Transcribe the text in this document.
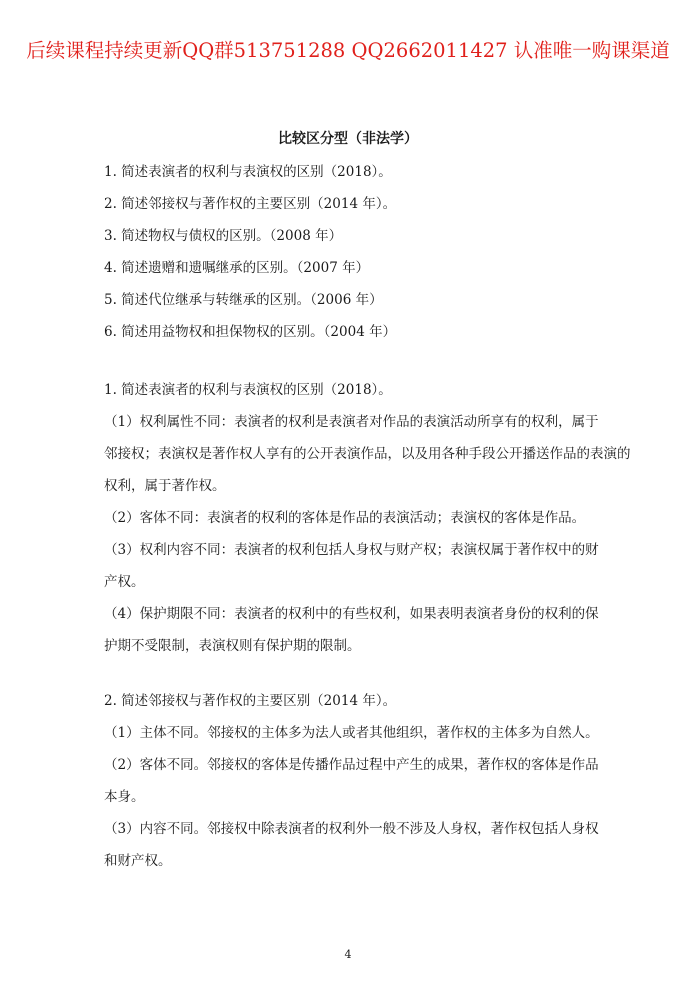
后续课程持续更新QQ群513751288 QQ2662011427 认准唯一购课渠道
比较区分型（非法学）
1. 简述表演者的权利与表演权的区别（2018）。
2. 简述邻接权与著作权的主要区别（2014 年）。
3. 简述物权与债权的区别。（2008 年）
4. 简述遗赠和遗嘱继承的区别。（2007 年）
5. 简述代位继承与转继承的区别。（2006 年）
6. 简述用益物权和担保物权的区别。（2004 年）
1. 简述表演者的权利与表演权的区别（2018）。
（1）权利属性不同：表演者的权利是表演者对作品的表演活动所享有的权利，属于
邻接权；表演权是著作权人享有的公开表演作品，以及用各种手段公开播送作品的表演的
权利，属于著作权。
（2）客体不同：表演者的权利的客体是作品的表演活动；表演权的客体是作品。
（3）权利内容不同：表演者的权利包括人身权与财产权；表演权属于著作权中的财
产权。
（4）保护期限不同：表演者的权利中的有些权利，如果表明表演者身份的权利的保
护期不受限制，表演权则有保护期的限制。
2. 简述邻接权与著作权的主要区别（2014 年）。
（1）主体不同。邻接权的主体多为法人或者其他组织，著作权的主体多为自然人。
（2）客体不同。邻接权的客体是传播作品过程中产生的成果，著作权的客体是作品
本身。
（3）内容不同。邻接权中除表演者的权利外一般不涉及人身权，著作权包括人身权
和财产权。
4
